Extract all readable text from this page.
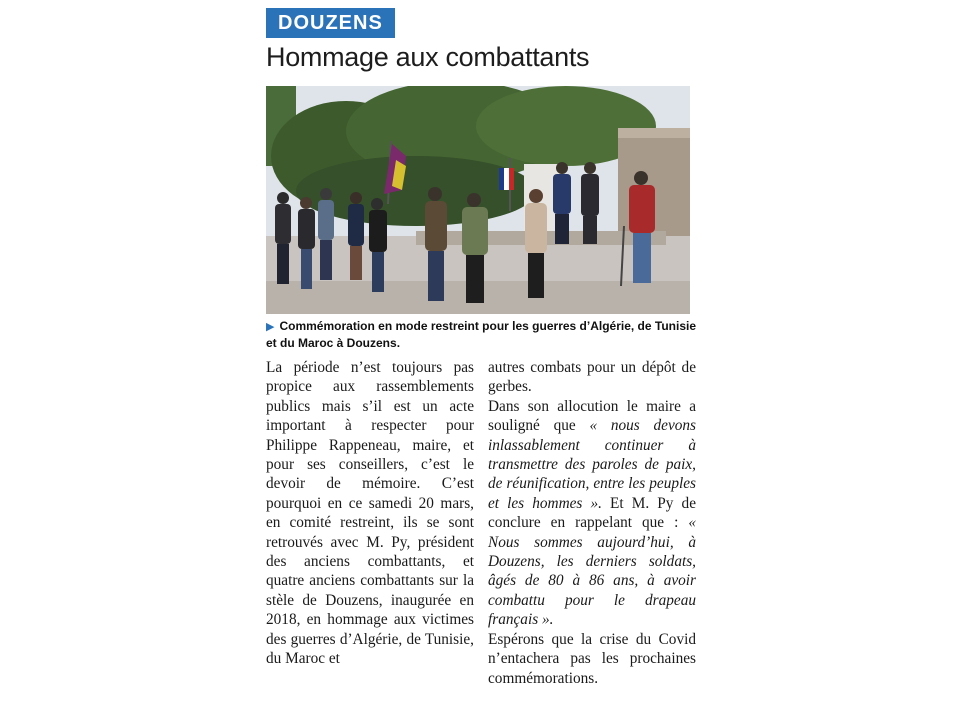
DOUZENS
Hommage aux combattants
▶ Commémoration en mode restreint pour les guerres d’Algérie, de Tunisie et du Maroc à Douzens.

La période n’est toujours pas propice aux rassemblements publics mais s’il est un acte important à respecter pour Philippe Rappeneau, maire, et pour ses conseillers, c’est le devoir de mémoire. C’est pourquoi en ce samedi 20 mars, en comité restreint, ils se sont retrouvés avec M. Py, président des anciens combattants, et quatre anciens combattants sur la stèle de Douzens, inaugurée en 2018, en hommage aux victimes des guerres d’Algérie, de Tunisie, du Maroc et

autres combats pour un dépôt de gerbes.

Dans son allocution le maire a souligné que « nous devons inlassablement continuer à transmettre des paroles de paix, de réunification, entre les peuples et les hommes ». Et M. Py de conclure en rappelant que : « Nous sommes aujourd’hui, à Douzens, les derniers soldats, âgés de 80 à 86 ans, à avoir combattu pour le drapeau français ».

Espérons que la crise du Covid n’entachera pas les prochaines commémorations.
